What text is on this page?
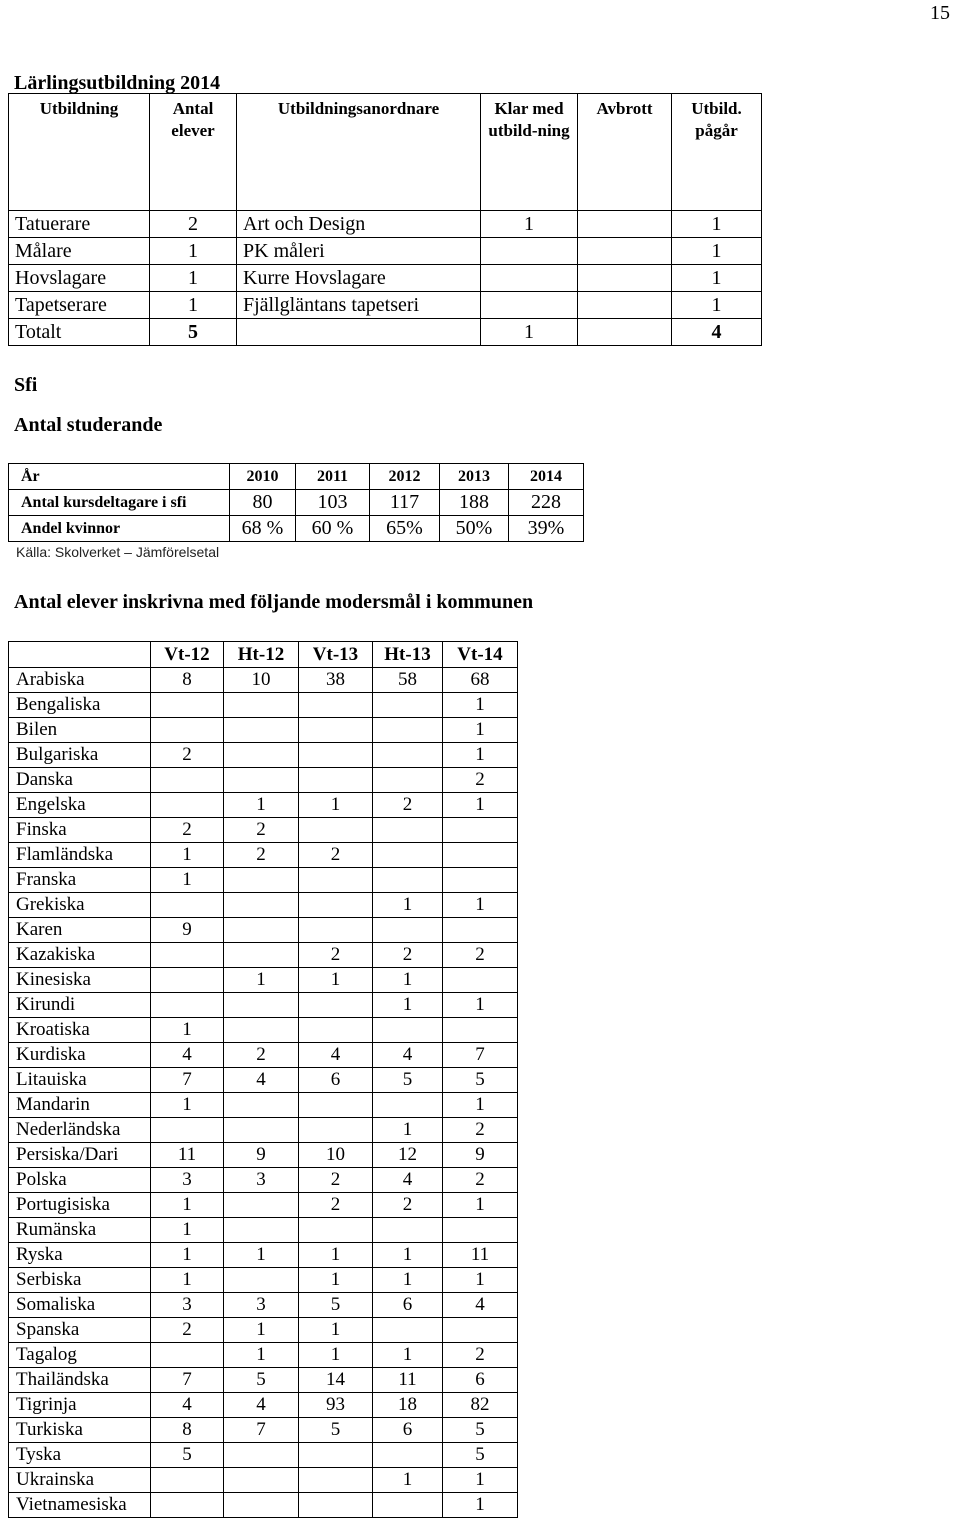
15
Lärlingsutbildning 2014
Utbildning	Antal elever	Utbildningsanordnare	Klar med utbild-ning	Avbrott	Utbild. pågår
Tatuerare	2	Art och Design	1		1
Målare	1	PK måleri			1
Hovslagare	1	Kurre Hovslagare			1
Tapetserare	1	Fjällgläntans tapetseri			1
Totalt	5		1		4
Sfi
Antal studerande
År	2010	2011	2012	2013	2014
Antal kursdeltagare i sfi	80	103	117	188	228
Andel kvinnor	68 %	60 %	65%	50%	39%
Källa: Skolverket – Jämförelsetal
Antal elever inskrivna med följande modersmål i kommunen
	Vt-12	Ht-12	Vt-13	Ht-13	Vt-14
Arabiska	8	10	38	58	68
Bengaliska					1
Bilen					1
Bulgariska	2				1
Danska					2
Engelska		1	1	2	1
Finska	2	2			
Flamländska	1	2	2		
Franska	1				
Grekiska				1	1
Karen	9				
Kazakiska			2	2	2
Kinesiska		1	1	1	
Kirundi				1	1
Kroatiska	1				
Kurdiska	4	2	4	4	7
Litauiska	7	4	6	5	5
Mandarin	1				1
Nederländska				1	2
Persiska/Dari	11	9	10	12	9
Polska	3	3	2	4	2
Portugisiska	1		2	2	1
Rumänska	1				
Ryska	1	1	1	1	11
Serbiska	1		1	1	1
Somaliska	3	3	5	6	4
Spanska	2	1	1		
Tagalog		1	1	1	2
Thailändska	7	5	14	11	6
Tigrinja	4	4	93	18	82
Turkiska	8	7	5	6	5
Tyska	5				5
Ukrainska				1	1
Vietnamesiska					1
